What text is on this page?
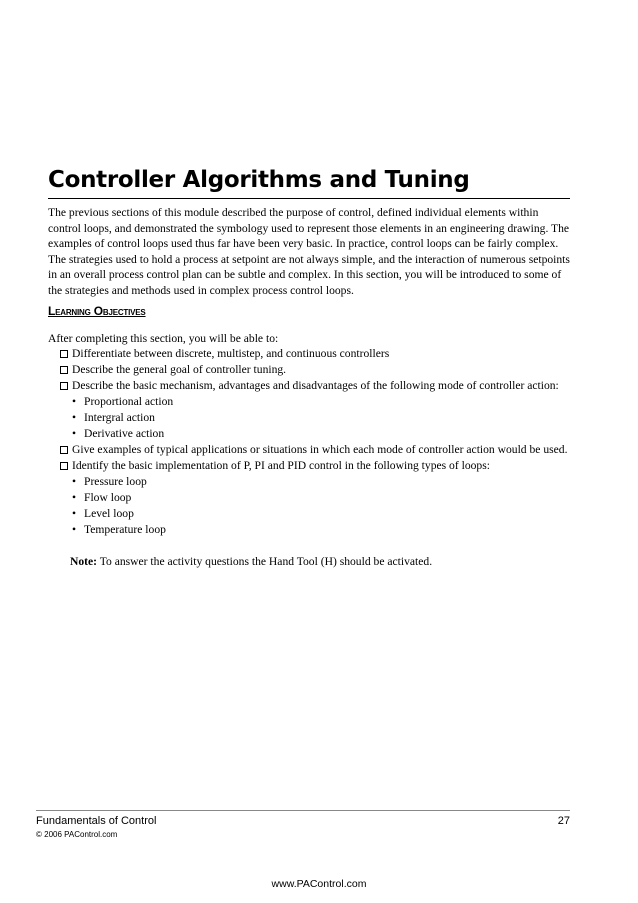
Controller Algorithms and Tuning

The previous sections of this module described the purpose of control, defined individual elements within control loops, and demonstrated the symbology used to represent those elements in an engineering drawing. The examples of control loops used thus far have been very basic. In practice, control loops can be fairly complex. The strategies used to hold a process at setpoint are not always simple, and the interaction of numerous setpoints in an overall process control plan can be subtle and complex. In this section, you will be introduced to some of the strategies and methods used in complex process control loops.

Learning Objectives
After completing this section, you will be able to:
Differentiate between discrete, multistep, and continuous controllers
Describe the general goal of controller tuning.
Describe the basic mechanism, advantages and disadvantages of the following mode of controller action:
• Proportional action
• Intergral action
• Derivative action
Give examples of typical applications or situations in which each mode of controller action would be used.
Identify the basic implementation of P, PI and PID control in the following types of loops:
• Pressure loop
• Flow loop
• Level loop
• Temperature loop
Note: To answer the activity questions the Hand Tool (H) should be activated.
Fundamentals of Control	27
© 2006 PAControl.com
www.PAControl.com
